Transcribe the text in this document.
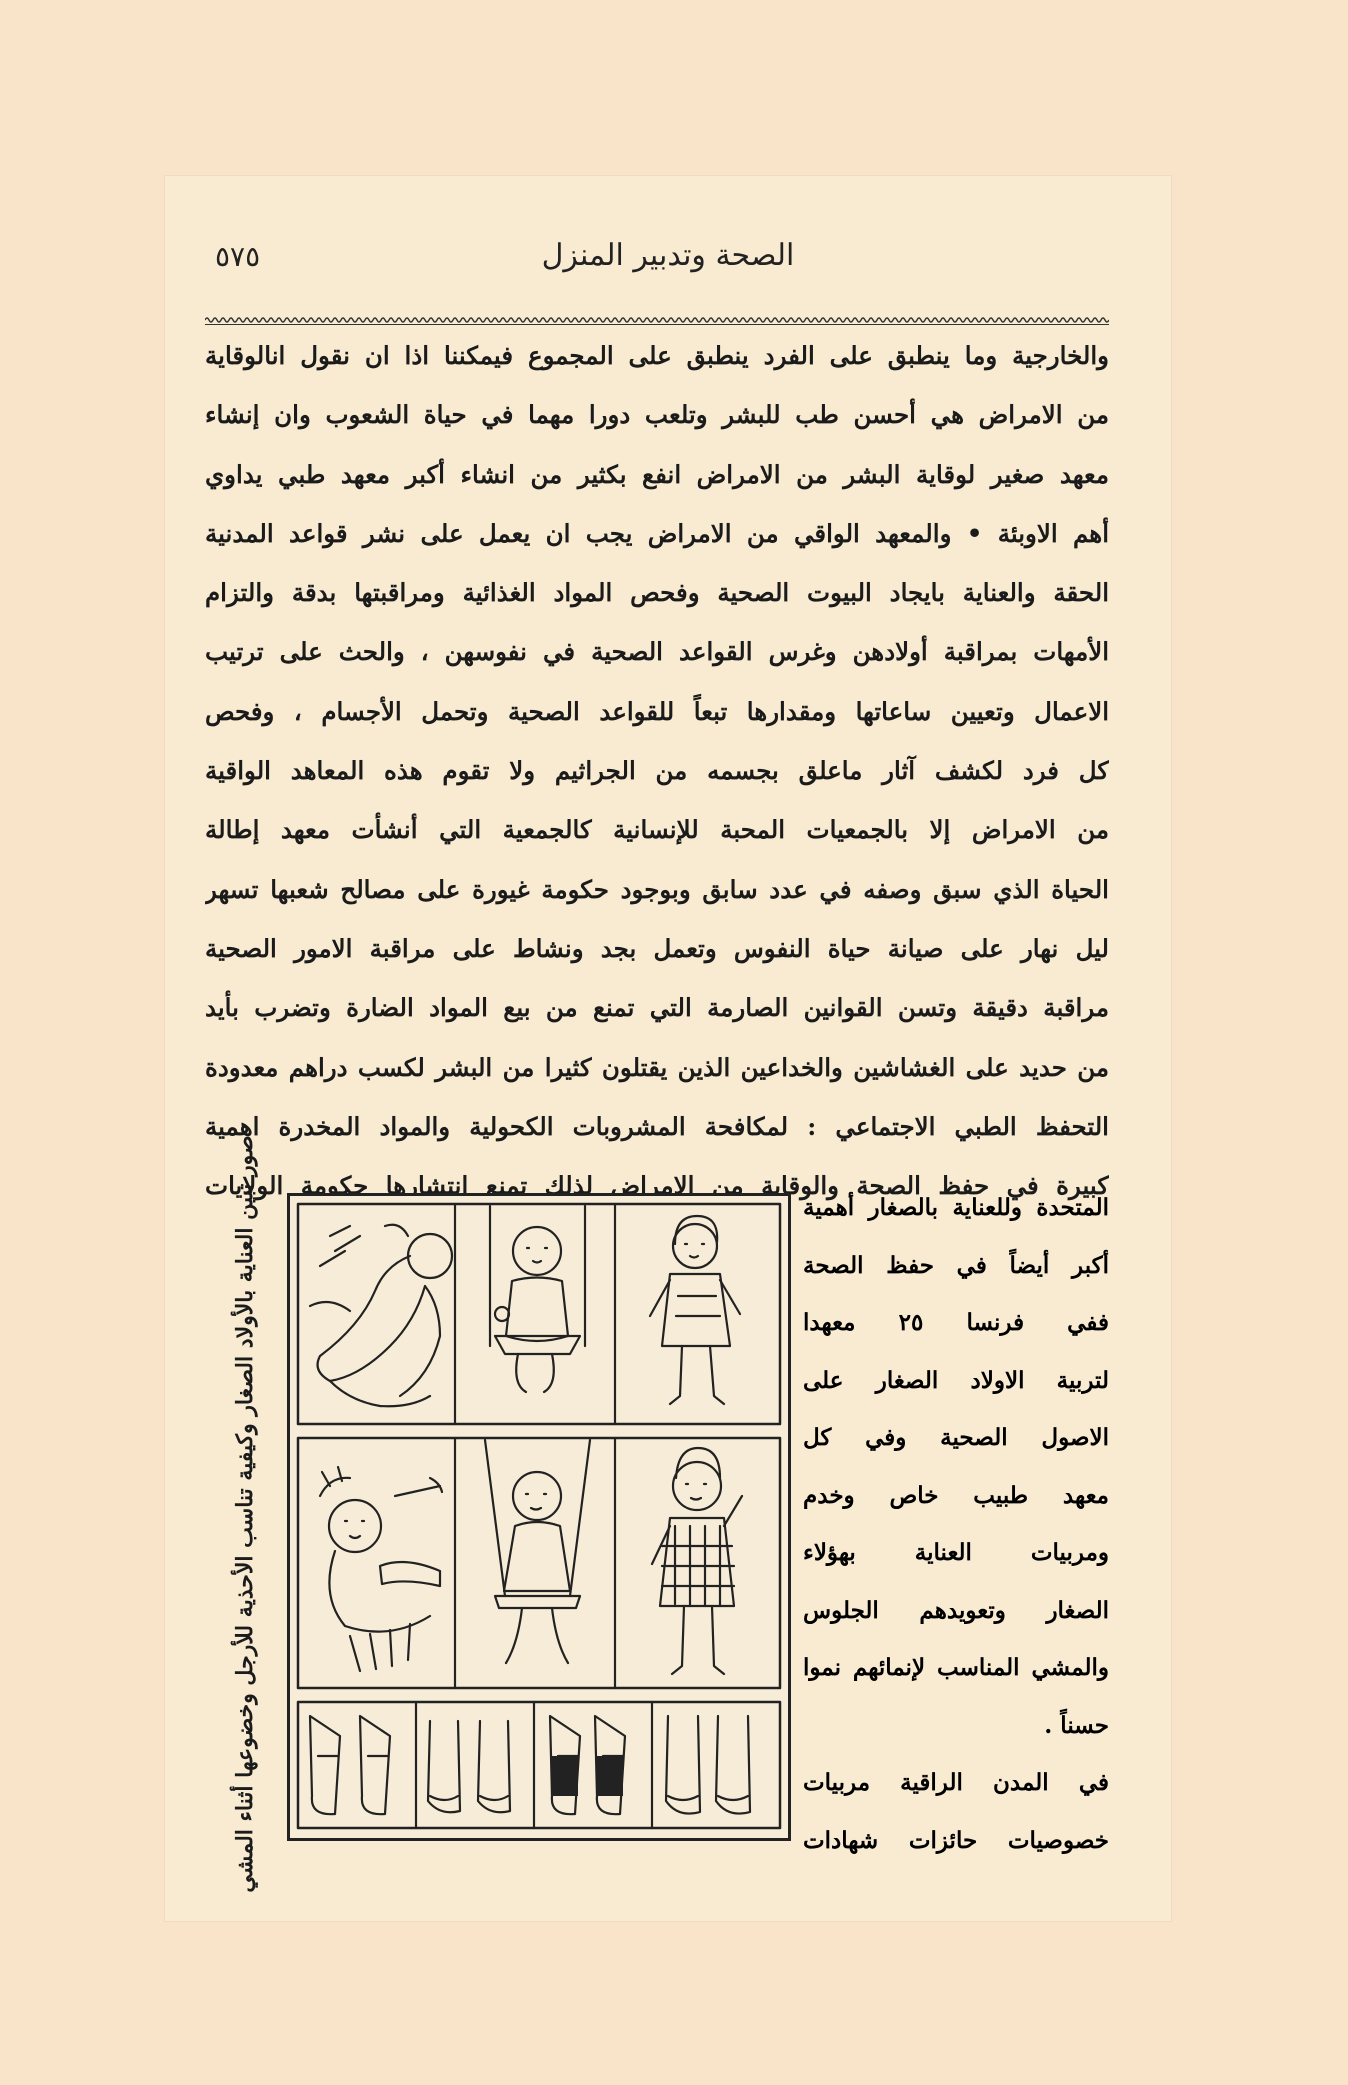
الصحة وتدبير المنزل
٥٧٥
والخارجية وما ينطبق على الفرد ينطبق على المجموع فيمكننا اذا ان نقول انالوقاية
من الامراض هي أحسن طب للبشر وتلعب دورا مهما في حياة الشعوب وان إنشاء
معهد صغير لوقاية البشر من الامراض انفع بكثير من انشاء أكبر معهد طبي يداوي
أهم الاوبئة • والمعهد الواقي من الامراض يجب ان يعمل على نشر قواعد المدنية
الحقة والعناية بايجاد البيوت الصحية وفحص المواد الغذائية ومراقبتها بدقة والتزام
الأمهات بمراقبة أولادهن وغرس القواعد الصحية في نفوسهن ، والحث على ترتيب
الاعمال وتعيين ساعاتها ومقدارها تبعاً للقواعد الصحية وتحمل الأجسام ، وفحص
كل فرد لكشف آثار ماعلق بجسمه من الجراثيم ولا تقوم هذه المعاهد الواقية
من الامراض إلا بالجمعيات المحبة للإنسانية كالجمعية التي أنشأت معهد إطالة
الحياة الذي سبق وصفه في عدد سابق وبوجود حكومة غيورة على مصالح شعبها تسهر
ليل نهار على صيانة حياة النفوس وتعمل بجد ونشاط على مراقبة الامور الصحية
مراقبة دقيقة وتسن القوانين الصارمة التي تمنع من بيع المواد الضارة وتضرب بأيد
من حديد على الغشاشين والخداعين الذين يقتلون كثيرا من البشر لكسب دراهم معدودة
التحفظ الطبي الاجتماعي : لمكافحة المشروبات الكحولية والمواد المخدرة اهمية
كبيرة في حفظ الصحة والوقاية من الامراض لذلك تمنع انتشارها حكومة الولايات
المتحدة وللعناية بالصغار أهمية
أكبر أيضاً في حفظ الصحة
ففي فرنسا ٢٥ معهدا
لتربية الاولاد الصغار على
الاصول الصحية وفي كل
معهد طبيب خاص وخدم
ومربيات العناية بهؤلاء
الصغار وتعويدهم الجلوس
والمشي المناسب لإنمائهم نموا
حسناً .
في المدن الراقية مربيات
خصوصيات حائزات شهادات
صور تبين العناية بالأولاد الصغار وكيفية تناسب الأحذية للأرجل وخضوعها أثناء المشي
